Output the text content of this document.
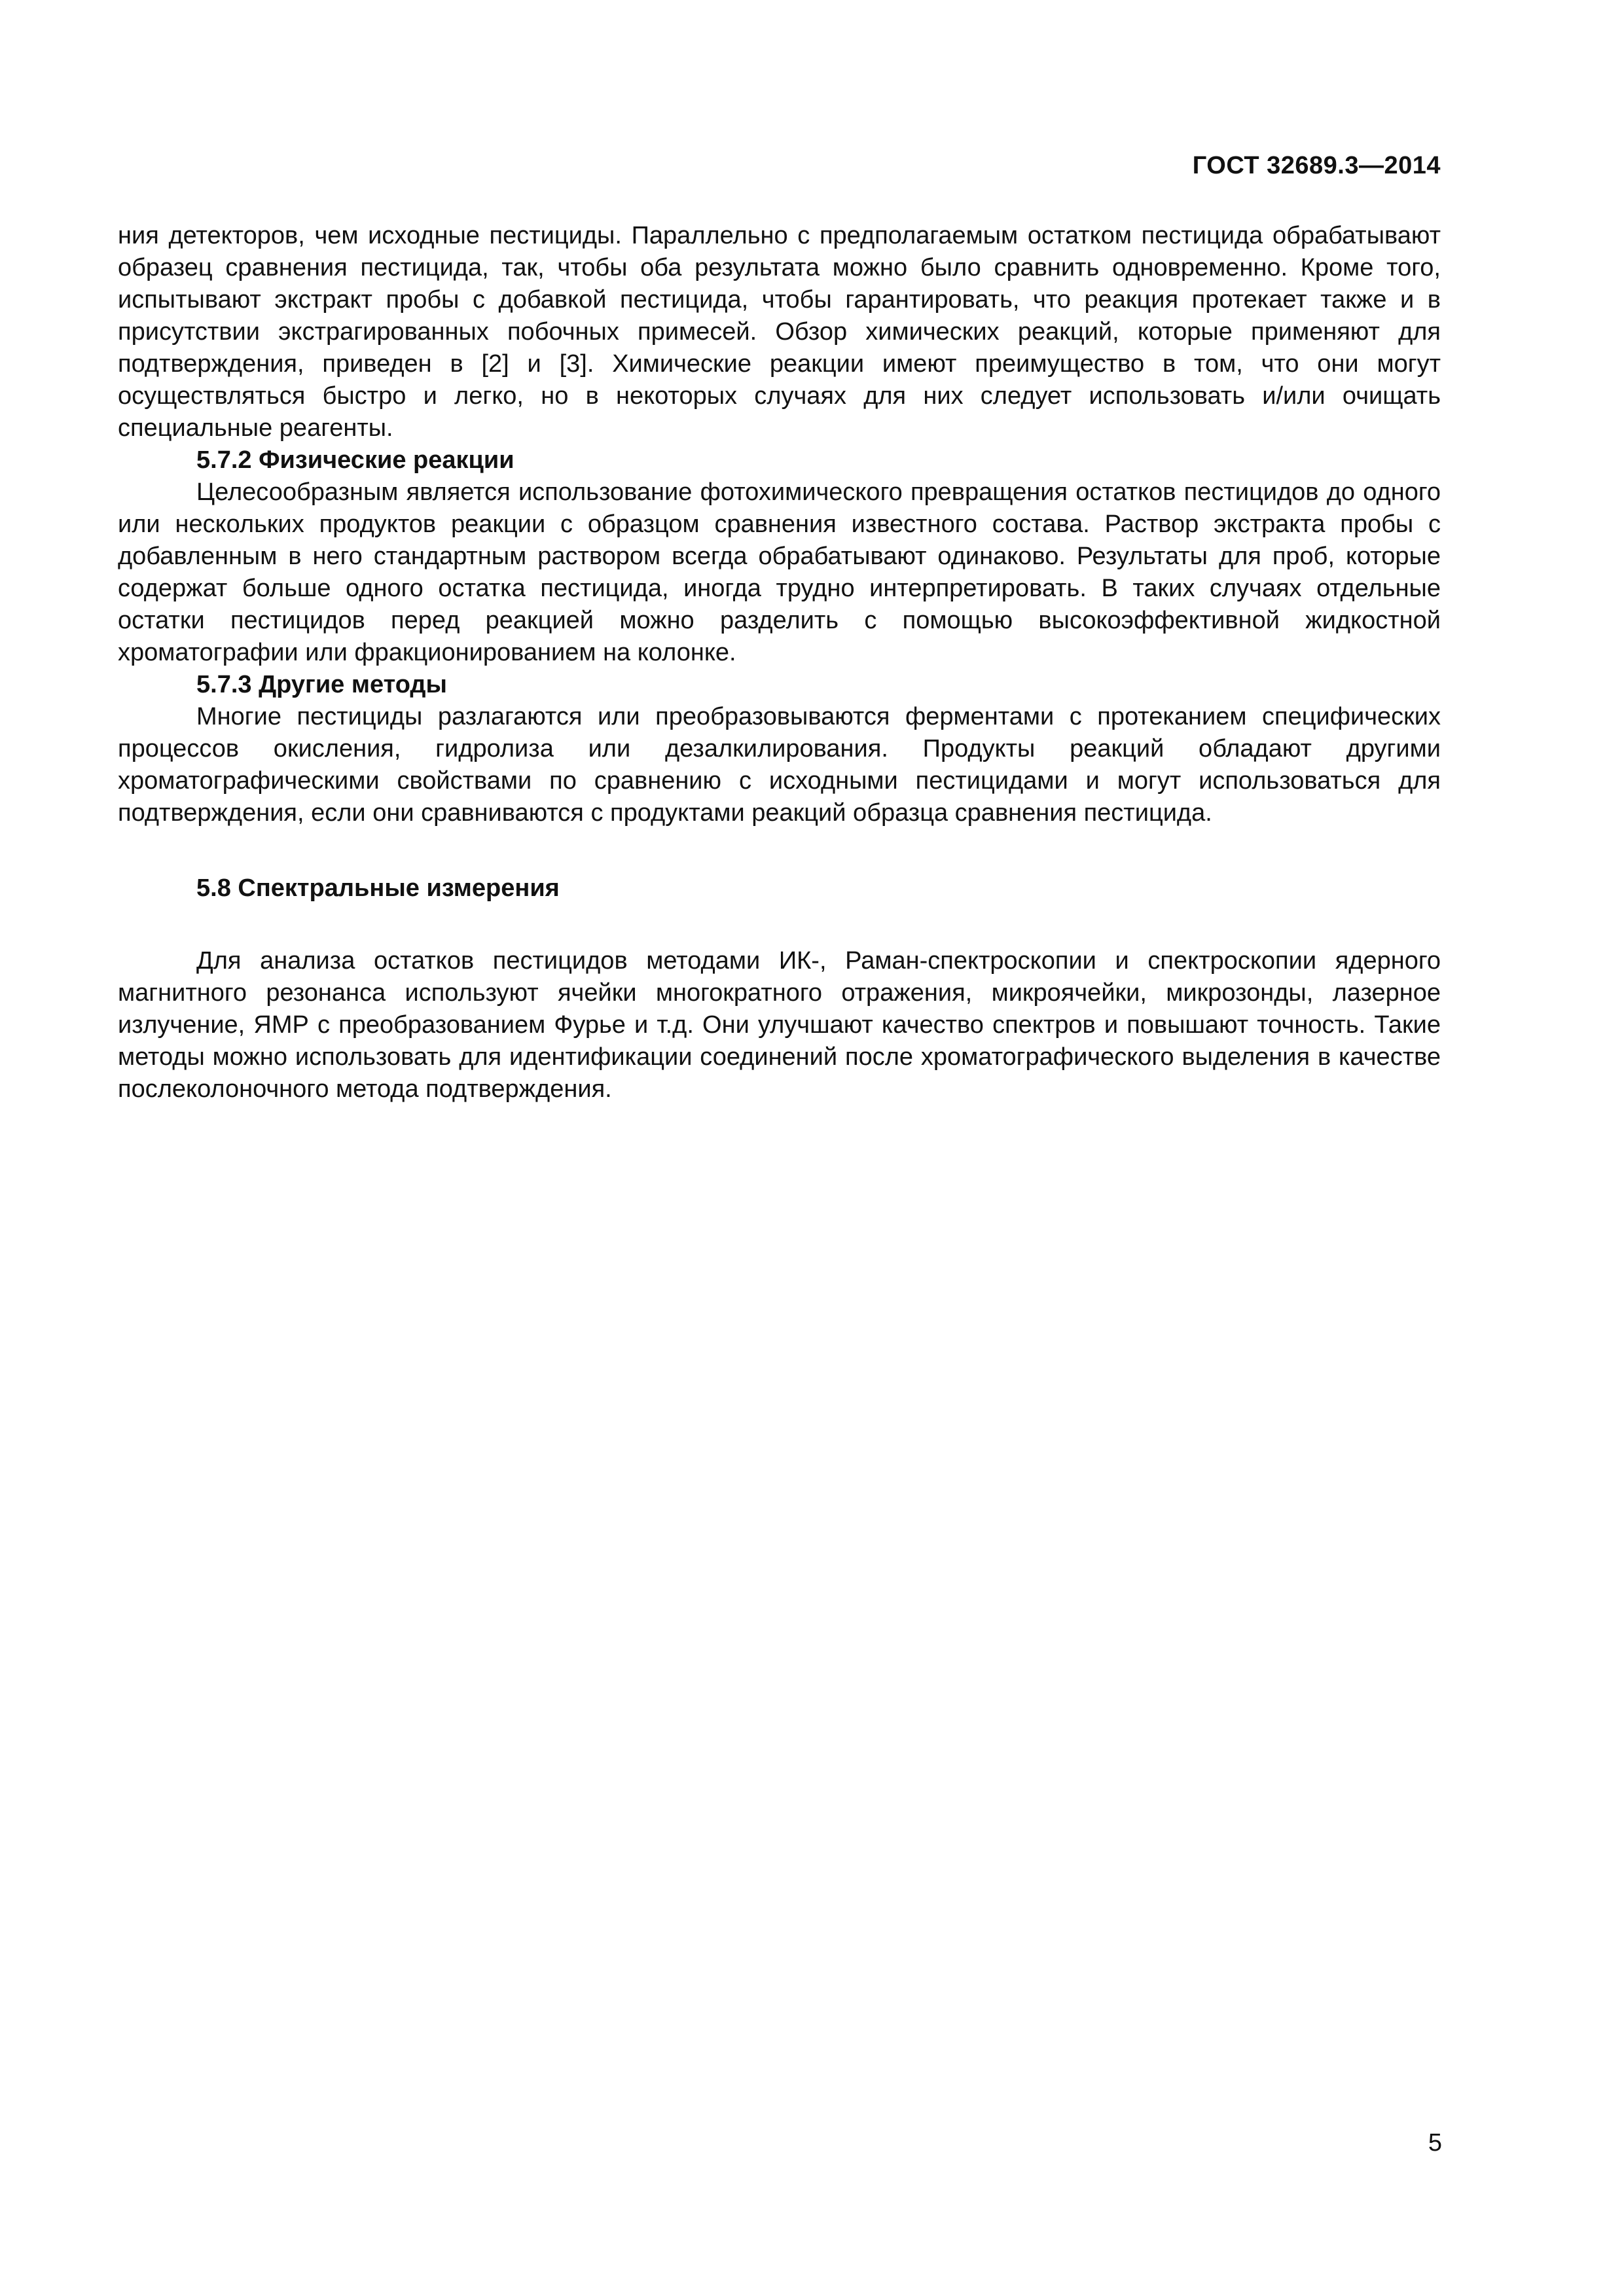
ГОСТ 32689.3—2014

ния детекторов, чем исходные пестициды. Параллельно с предполагаемым остатком пестицида обрабатывают образец сравнения пестицида, так, чтобы оба результата можно было сравнить одновременно. Кроме того, испытывают экстракт пробы с добавкой пестицида, чтобы гарантировать, что реакция протекает также и в присутствии экстрагированных побочных примесей. Обзор химических реакций, которые применяют для подтверждения, приведен в [2] и [3]. Химические реакции имеют преимущество в том, что они могут осуществляться быстро и легко, но в некоторых случаях для них следует использовать и/или очищать специальные реагенты.

5.7.2 Физические реакции

Целесообразным является использование фотохимического превращения остатков пестицидов до одного или нескольких продуктов реакции с образцом сравнения известного состава. Раствор экстракта пробы с добавленным в него стандартным раствором всегда обрабатывают одинаково. Результаты для проб, которые содержат больше одного остатка пестицида, иногда трудно интерпретировать. В таких случаях отдельные остатки пестицидов перед реакцией можно разделить с помощью высокоэффективной жидкостной хроматографии или фракционированием на колонке.

5.7.3 Другие методы

Многие пестициды разлагаются или преобразовываются ферментами с протеканием специфических процессов окисления, гидролиза или дезалкилирования. Продукты реакций обладают другими хроматографическими свойствами по сравнению с исходными пестицидами и могут использоваться для подтверждения, если они сравниваются с продуктами реакций образца сравнения пестицида.

5.8 Спектральные измерения

Для анализа остатков пестицидов методами ИК-, Раман-спектроскопии и спектроскопии ядерного магнитного резонанса используют ячейки многократного отражения, микроячейки, микрозонды, лазерное излучение, ЯМР с преобразованием Фурье и т.д. Они улучшают качество спектров и повышают точность. Такие методы можно использовать для идентификации соединений после хроматографического выделения в качестве послеколоночного метода подтверждения.

5
